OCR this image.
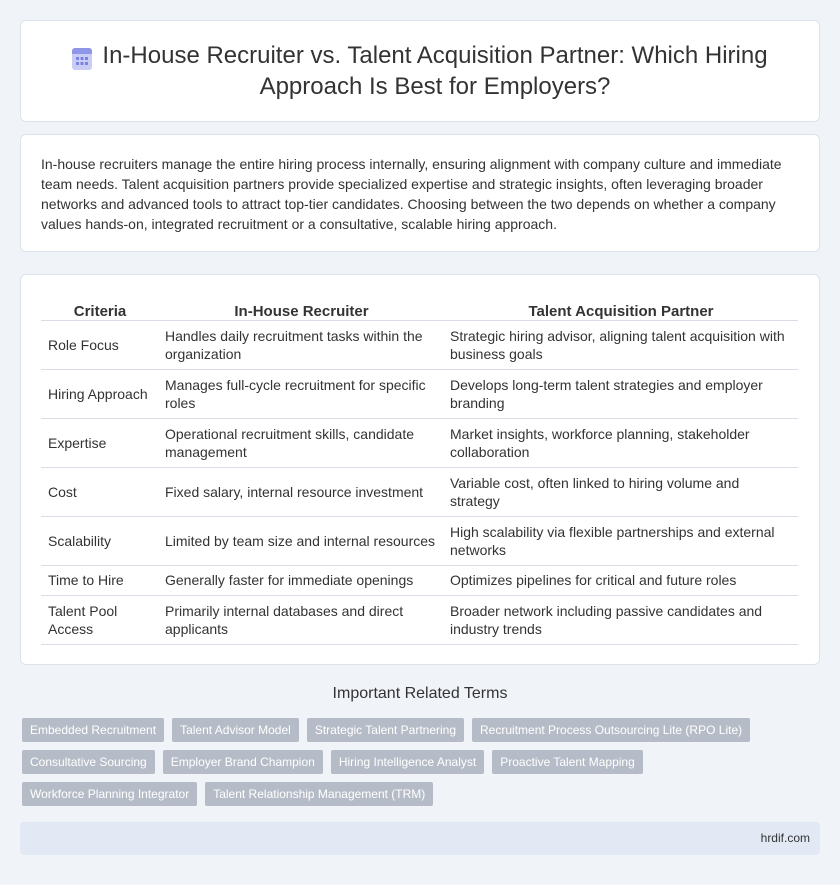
In-House Recruiter vs. Talent Acquisition Partner: Which Hiring Approach Is Best for Employers?

In-house recruiters manage the entire hiring process internally, ensuring alignment with company culture and immediate team needs. Talent acquisition partners provide specialized expertise and strategic insights, often leveraging broader networks and advanced tools to attract top-tier candidates. Choosing between the two depends on whether a company values hands-on, integrated recruitment or a consultative, scalable hiring approach.

Criteria	In-House Recruiter	Talent Acquisition Partner
Role Focus	Handles daily recruitment tasks within the organization	Strategic hiring advisor, aligning talent acquisition with business goals
Hiring Approach	Manages full-cycle recruitment for specific roles	Develops long-term talent strategies and employer branding
Expertise	Operational recruitment skills, candidate management	Market insights, workforce planning, stakeholder collaboration
Cost	Fixed salary, internal resource investment	Variable cost, often linked to hiring volume and strategy
Scalability	Limited by team size and internal resources	High scalability via flexible partnerships and external networks
Time to Hire	Generally faster for immediate openings	Optimizes pipelines for critical and future roles
Talent Pool Access	Primarily internal databases and direct applicants	Broader network including passive candidates and industry trends
Important Related Terms
Embedded Recruitment	Talent Advisor Model	Strategic Talent Partnering	Recruitment Process Outsourcing Lite (RPO Lite)
Consultative Sourcing	Employer Brand Champion	Hiring Intelligence Analyst	Proactive Talent Mapping
Workforce Planning Integrator	Talent Relationship Management (TRM)
hrdif.com
